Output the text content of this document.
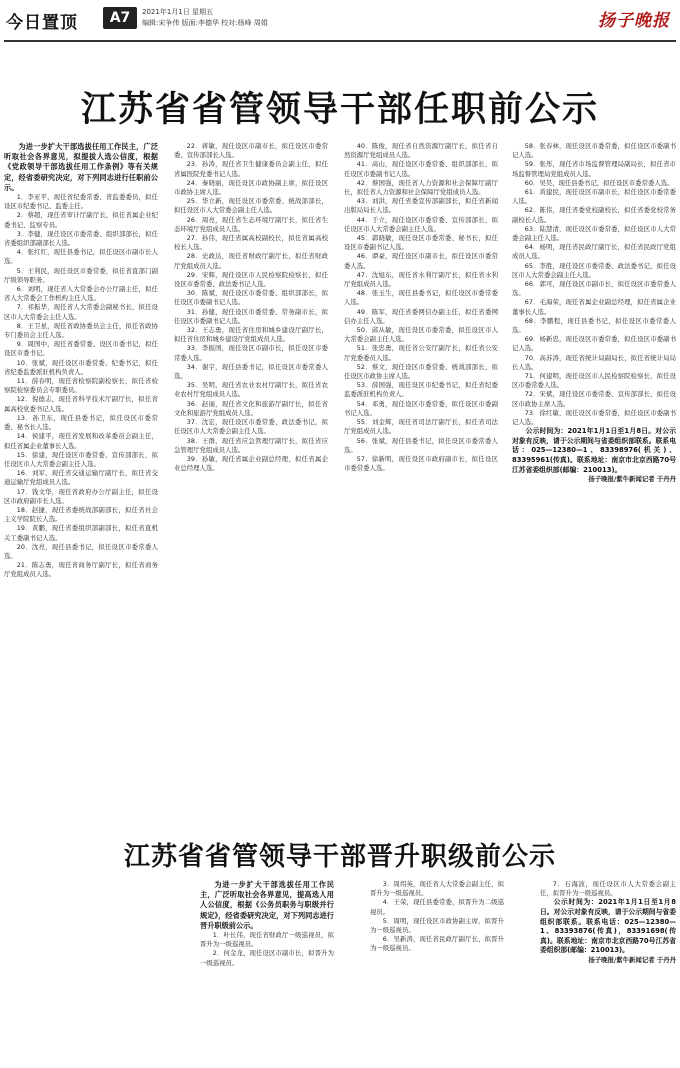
今日置顶	A7	2021年1月1日 星期五
编辑:宋争伟 版面:李德华 校对:杨峰 周娟	扬子晚报
江苏省省管领导干部任职前公示

为进一步扩大干部选拔任用工作民主，广泛听取社会各界意见，拟提拔人选公信度，根据《党政领导干部选拔任用工作条例》等有关规定，经省委研究决定，对下列同志进行任职前公示。

1．李亚平，现任省纪委常委、省监委委员，拟任设区市纪委书记、监委主任。

2．蔡超，现任省审计厅副厅长，拟任省属企业纪委书记、监察专员。

3．李健，现任设区市委常委、组织部部长，拟任省委组织部副部长人选。

4．张红红，现任县委书记，拟任设区市副市长人选。

5．王利民，现任设区市委常委，拟任省直部门副厅级领导职务。

6．刘明，现任省人大常委会办公厅副主任，拟任省人大常委会工作机构主任人选。

7．祁振华，现任省人大常委会副秘书长，拟任设区市人大常委会主任人选。

8．王卫星，现任省政协委员会主任，拟任省政协专门委员会主任人选。

9．周国中，现任省委常委、设区市委书记，拟任设区市委书记。

10．张斌，现任设区市委常委、纪委书记，拟任省纪委监委派驻机构负责人。

11．薛春明，现任省检察院副检察长，拟任省检察院检察委员会专职委员。

12．倪德志，现任省科学技术厅副厅长，拟任省属高校党委书记人选。

13．孙卫东，现任县委书记，拟任设区市委常委、秘书长人选。

14．侯建平，现任省发展和改革委员会副主任，拟任省属企业董事长人选。

15．徐建，现任设区市委常委、宣传部部长，拟任设区市人大常委会副主任人选。

16．刘军，现任省交通运输厅副厅长，拟任省交通运输厅党组成员人选。

17．钱文华，现任省政府办公厅副主任，拟任设区市政府副市长人选。

18．赵捷，现任省委统战部副部长，拟任省社会主义学院院长人选。

19．黄鹏，现任省委组织部副部长，拟任省直机关工委副书记人选。

20．沈亮，现任县委书记，拟任设区市委常委人选。

21．陈志勇，现任省商务厅副厅长，拟任省商务厅党组成员人选。

22．蒋敏，现任设区市副市长，拟任设区市委常委、宣传部部长人选。

23．孙涛，现任省卫生健康委员会副主任，拟任省属医院党委书记人选。

24．秦晓丽，现任设区市政协副主席，拟任设区市政协主席人选。

25．华立新，现任设区市委常委、统战部部长，拟任设区市人大常委会副主任人选。

26．周亮，现任省生态环境厅副厅长，拟任省生态环境厅党组成员人选。

27．孙伟，现任省属高校副校长，拟任省属高校校长人选。

28．史政达，现任省财政厅副厅长，拟任省财政厅党组成员人选。

29．宋辉，现任设区市人民检察院检察长，拟任设区市委常委、政法委书记人选。

30．陈斌，现任设区市委常委、组织部部长，拟任设区市委副书记人选。

31．孙健，现任设区市委常委、常务副市长，拟任设区市委副书记人选。

32．王志勇，现任省住房和城乡建设厅副厅长，拟任省住房和城乡建设厅党组成员人选。

33．李振国，现任设区市副市长，拟任设区市委常委人选。

34．谢宇，现任县委书记，拟任设区市委常委人选。

35．吴明，现任省农业农村厅副厅长，拟任省农业农村厅党组成员人选。

36．赵丽，现任省文化和旅游厅副厅长，拟任省文化和旅游厅党组成员人选。

37．沈宏，现任设区市委常委、政法委书记，拟任设区市人大常委会副主任人选。

38．王群，现任省应急管理厅副厅长，拟任省应急管理厅党组成员人选。

39．孙敏，现任省属企业副总经理，拟任省属企业总经理人选。

40．陈俊，现任省自然资源厅副厅长，拟任省自然资源厅党组成员人选。

41．高山，现任设区市委常委、组织部部长，拟任设区市委副书记人选。

42．蔡国强，现任省人力资源和社会保障厅副厅长，拟任省人力资源和社会保障厅党组成员人选。

43．刘洪，现任省委宣传部副部长，拟任省新闻出版局局长人选。

44．于立，现任设区市委常委、宣传部部长，拟任设区市人大常委会副主任人选。

45．郭晓敏，现任设区市委常委、秘书长，拟任设区市委副书记人选。

46．谭豪，现任设区市副市长，拟任设区市委常委人选。

47．沈旭东，现任省水利厅副厅长，拟任省水利厅党组成员人选。

48．张玉生，现任县委书记，拟任设区市委常委人选。

49．陈军，现任省委网信办副主任，拟任省委网信办主任人选。

50．邱从敏，现任设区市委常委，拟任设区市人大常委会副主任人选。

51．张忠勇，现任省公安厅副厅长，拟任省公安厅党委委员人选。

52．蔡文，现任设区市委常委、统战部部长，拟任设区市政协主席人选。

53．薛国强，现任设区市纪委书记，拟任省纪委监委派驻机构负责人。

54．邓勇，现任设区市委常委，拟任设区市委副书记人选。

55．刘金辉，现任省司法厅副厅长，拟任省司法厅党组成员人选。

56．张斌，现任县委书记，拟任设区市委常委人选。

57．徐新明，现任设区市政府副市长，拟任设区市委常委人选。

58．张春林，现任设区市委常委，拟任设区市委副书记人选。

59．张彤，现任省市场监督管理局副局长，拟任省市场监督管理局党组成员人选。

60．吴昊，现任县委书记，拟任设区市委常委人选。

61．黄建民，现任设区市副市长，拟任设区市委常委人选。

62．陈伟，现任省委党校副校长，拟任省委党校常务副校长人选。

63．陆慧清，现任设区市委常委，拟任设区市人大常委会副主任人选。

64．杨明，现任省民政厅副厅长，拟任省民政厅党组成员人选。

65．李胜，现任设区市委常委、政法委书记，拟任设区市人大常委会副主任人选。

66．郭可，现任设区市副市长，拟任设区市委常委人选。

67．毛海荣，现任省属企业副总经理，拟任省属企业董事长人选。

68．李鹏程，现任县委书记，拟任设区市委常委人选。

69．杨新忠，现任设区市委常委，拟任设区市委副书记人选。

70．高苏涛，现任省统计局副局长，拟任省统计局局长人选。

71．何建明，现任设区市人民检察院检察长，拟任设区市委常委人选。

72．宋斌，现任设区市委常委、宣传部部长，拟任设区市政协主席人选。

73．徐红敏，现任设区市委常委，拟任设区市委副书记人选。

公示时间为：2021年1月1日至1月8日。对公示对象有反映，请于公示期间与省委组织部联系。联系电话：025—12380—1、83398976(机关)、83395961(传真)。联系地址：南京市北京西路70号江苏省委组织部(邮编：210013)。

扬子晚报/紫牛新闻记者 于丹丹

江苏省省管领导干部晋升职级前公示

为进一步扩大干部选拔任用工作民主，广泛听取社会各界意见，提高选人用人公信度，根据《公务员职务与职级并行规定》，经省委研究决定，对下列同志进行晋升职级前公示。

1．叶长伟，现任省财政厅一级巡视员，拟晋升为一级巡视员。

2．何金龙，现任设区市副市长，拟晋升为一级巡视员。

3．周绍英，现任省人大常委会副主任，拟晋升为一级巡视员。

4．王荣，现任县委常委，拟晋升为二级巡视员。

5．周明，现任设区市政协副主席，拟晋升为一级巡视员。

6．吴新涛，现任省民政厅副厅长，拟晋升为一级巡视员。

7．石海波，现任设区市人大常委会副主任，拟晋升为一级巡视员。

公示时间为：2021年1月1日至1月8日。对公示对象有反映，请于公示期间与省委组织部联系。联系电话：025—12380—1、83393876(传真)，83391698(传真)。联系地址：南京市北京西路70号江苏省委组织部(邮编：210013)。

扬子晚报/紫牛新闻记者 于丹丹
